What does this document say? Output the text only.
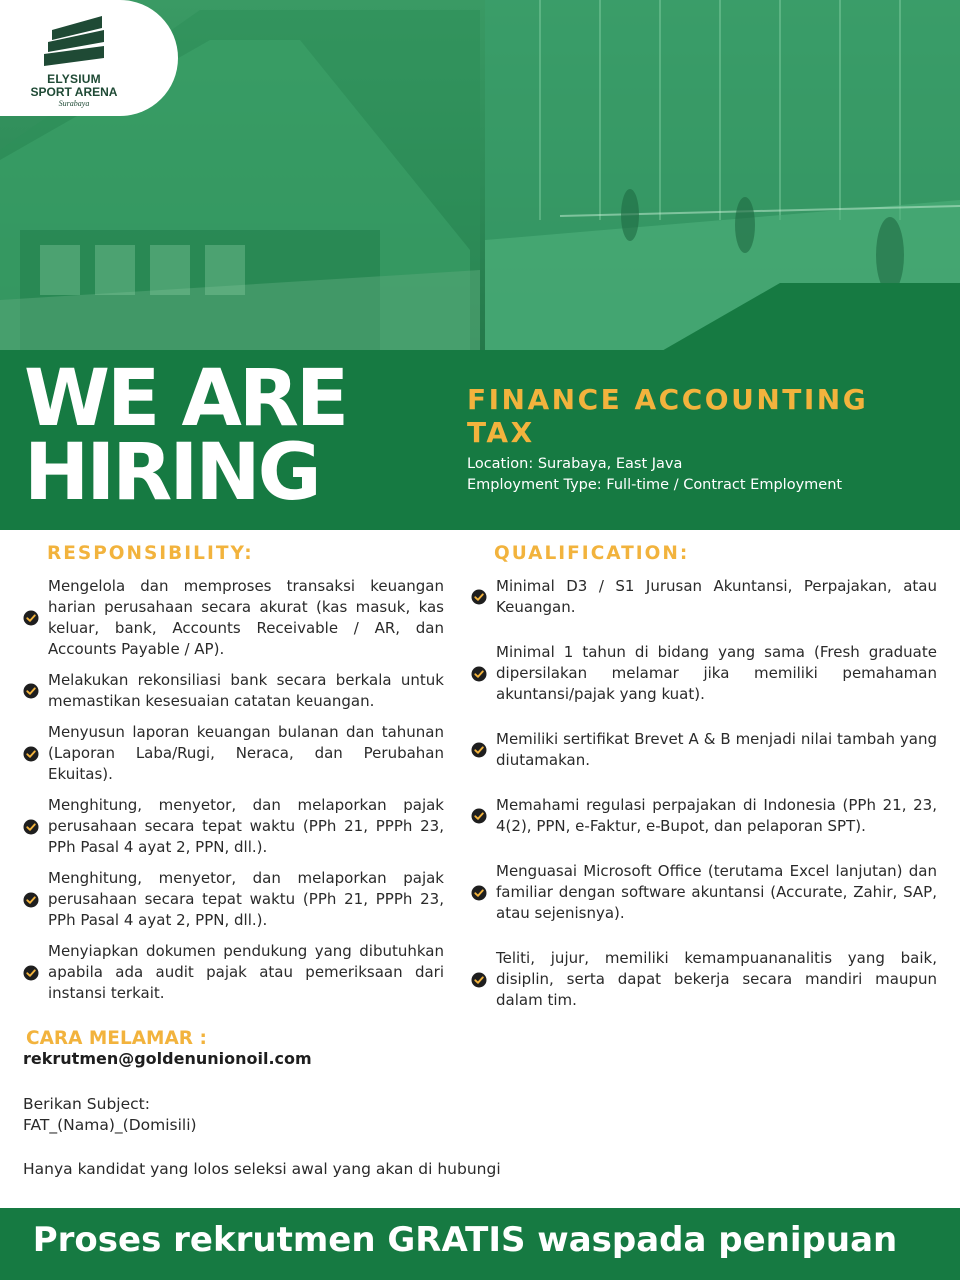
ELYSIUM
SPORT ARENA
Surabaya
WE ARE
HIRING
FINANCE ACCOUNTING TAX
Location: Surabaya, East Java
Employment Type: Full-time / Contract Employment
RESPONSIBILITY:
Mengelola dan memproses transaksi keuangan harian perusahaan secara akurat (kas masuk, kas keluar, bank, Accounts Receivable / AR, dan Accounts Payable / AP).
Melakukan rekonsiliasi bank secara berkala untuk memastikan kesesuaian catatan keuangan.
Menyusun laporan keuangan bulanan dan tahunan (Laporan Laba/Rugi, Neraca, dan Perubahan Ekuitas).
Menghitung, menyetor, dan melaporkan pajak perusahaan secara tepat waktu (PPh 21, PPPh 23, PPh Pasal 4 ayat 2, PPN, dll.).
Menghitung, menyetor, dan melaporkan pajak perusahaan secara tepat waktu (PPh 21, PPPh 23, PPh Pasal 4 ayat 2, PPN, dll.).
Menyiapkan dokumen pendukung yang dibutuhkan apabila ada audit pajak atau pemeriksaan dari instansi terkait.
QUALIFICATION:
Minimal D3 / S1 Jurusan Akuntansi, Perpajakan, atau Keuangan.
Minimal 1 tahun di bidang yang sama (Fresh graduate dipersilakan melamar jika memiliki pemahaman akuntansi/pajak yang kuat).
Memiliki sertifikat Brevet A & B menjadi nilai tambah yang diutamakan.
Memahami regulasi perpajakan di Indonesia (PPh 21, 23, 4(2), PPN, e-Faktur, e-Bupot, dan pelaporan SPT).
Menguasai Microsoft Office (terutama Excel lanjutan) dan familiar dengan software akuntansi (Accurate, Zahir, SAP, atau sejenisnya).
Teliti, jujur, memiliki kemampuananalitis yang baik, disiplin, serta dapat bekerja secara mandiri maupun dalam tim.
CARA MELAMAR :
rekrutmen@goldenunionoil.com
Berikan Subject:
FAT_(Nama)_(Domisili)
Hanya kandidat yang lolos seleksi awal yang akan di hubungi
Proses rekrutmen GRATIS waspada penipuan
